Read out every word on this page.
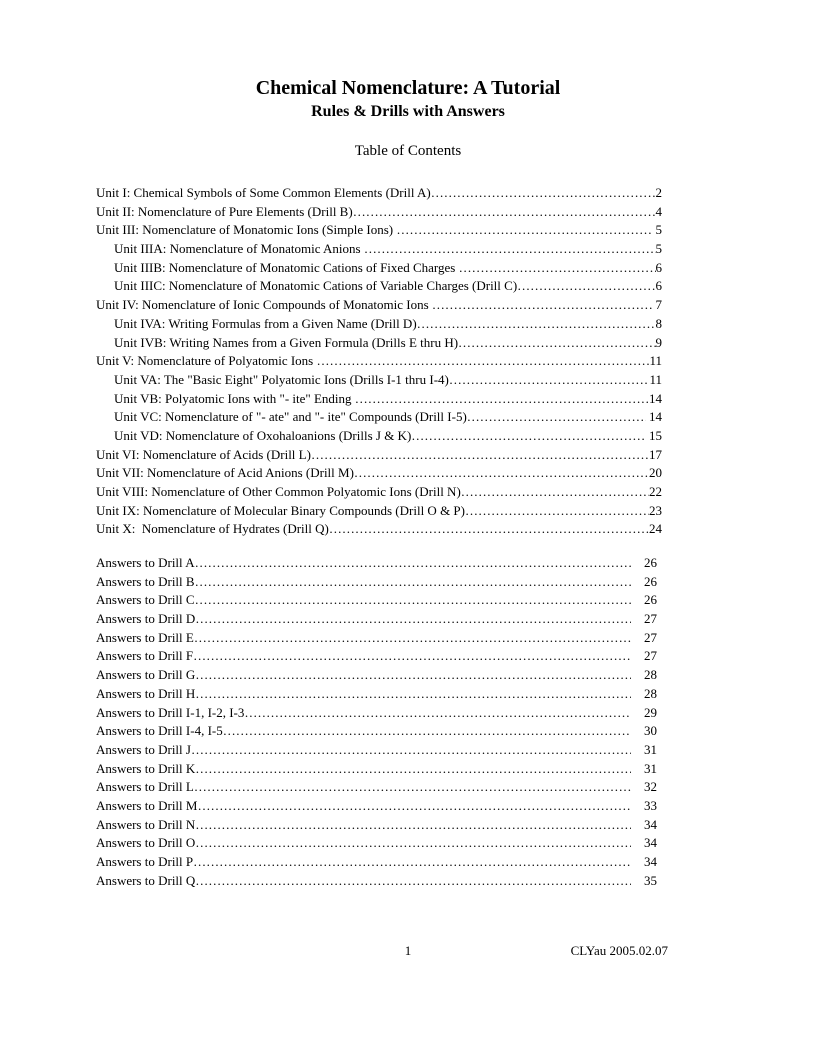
Chemical Nomenclature: A Tutorial
Rules & Drills with Answers
Table of Contents
Unit I: Chemical Symbols of Some Common Elements (Drill A) ……………………………………………………………………………………………………………………………………………………	2
Unit II: Nomenclature of Pure Elements (Drill B) ……………………………………………………………………………………………………………………………………………………	4
Unit III: Nomenclature of Monatomic Ions (Simple Ions) ……………………………………………………………………………………………………………………………………………………	5
Unit IIIA: Nomenclature of Monatomic Anions ……………………………………………………………………………………………………………………………………………………	5
Unit IIIB: Nomenclature of Monatomic Cations of Fixed Charges ……………………………………………………………………………………………………………………………………………………	6
Unit IIIC: Nomenclature of Monatomic Cations of Variable Charges (Drill C) ……………………………………………………………………………………………………………………………………………………	6
Unit IV: Nomenclature of Ionic Compounds of Monatomic Ions ……………………………………………………………………………………………………………………………………………………	7
Unit IVA: Writing Formulas from a Given Name (Drill D) ……………………………………………………………………………………………………………………………………………………	8
Unit IVB: Writing Names from a Given Formula (Drills E thru H) ……………………………………………………………………………………………………………………………………………………	9
Unit V: Nomenclature of Polyatomic Ions ……………………………………………………………………………………………………………………………………………………	11
Unit VA: The "Basic Eight" Polyatomic Ions (Drills I-1 thru I-4) ……………………………………………………………………………………………………………………………………………………	11
Unit VB: Polyatomic Ions with "- ite" Ending ……………………………………………………………………………………………………………………………………………………	14
Unit VC: Nomenclature of "- ate" and "- ite" Compounds (Drill I-5) ……………………………………………………………………………………………………………………………………………………	14
Unit VD: Nomenclature of Oxohaloanions (Drills J & K) ……………………………………………………………………………………………………………………………………………………	15
Unit VI: Nomenclature of Acids (Drill L) ……………………………………………………………………………………………………………………………………………………	17
Unit VII: Nomenclature of Acid Anions (Drill M) ……………………………………………………………………………………………………………………………………………………	20
Unit VIII: Nomenclature of Other Common Polyatomic Ions (Drill N) ……………………………………………………………………………………………………………………………………………………	22
Unit IX: Nomenclature of Molecular Binary Compounds (Drill O & P) ……………………………………………………………………………………………………………………………………………………	23
Unit X:  Nomenclature of Hydrates (Drill Q) ……………………………………………………………………………………………………………………………………………………	24
Answers to Drill A ……………………………………………………………………………………………………………………………………………………	26
Answers to Drill B ……………………………………………………………………………………………………………………………………………………	26
Answers to Drill C ……………………………………………………………………………………………………………………………………………………	26
Answers to Drill D ……………………………………………………………………………………………………………………………………………………	27
Answers to Drill E ……………………………………………………………………………………………………………………………………………………	27
Answers to Drill F ……………………………………………………………………………………………………………………………………………………	27
Answers to Drill G ……………………………………………………………………………………………………………………………………………………	28
Answers to Drill H ……………………………………………………………………………………………………………………………………………………	28
Answers to Drill I-1, I-2, I-3 ……………………………………………………………………………………………………………………………………………………	29
Answers to Drill I-4, I-5 ……………………………………………………………………………………………………………………………………………………	30
Answers to Drill J ……………………………………………………………………………………………………………………………………………………	31
Answers to Drill K ……………………………………………………………………………………………………………………………………………………	31
Answers to Drill L ……………………………………………………………………………………………………………………………………………………	32
Answers to Drill M ……………………………………………………………………………………………………………………………………………………	33
Answers to Drill N ……………………………………………………………………………………………………………………………………………………	34
Answers to Drill O ……………………………………………………………………………………………………………………………………………………	34
Answers to Drill P ……………………………………………………………………………………………………………………………………………………	34
Answers to Drill Q ……………………………………………………………………………………………………………………………………………………	35
1	CLYau 2005.02.07
